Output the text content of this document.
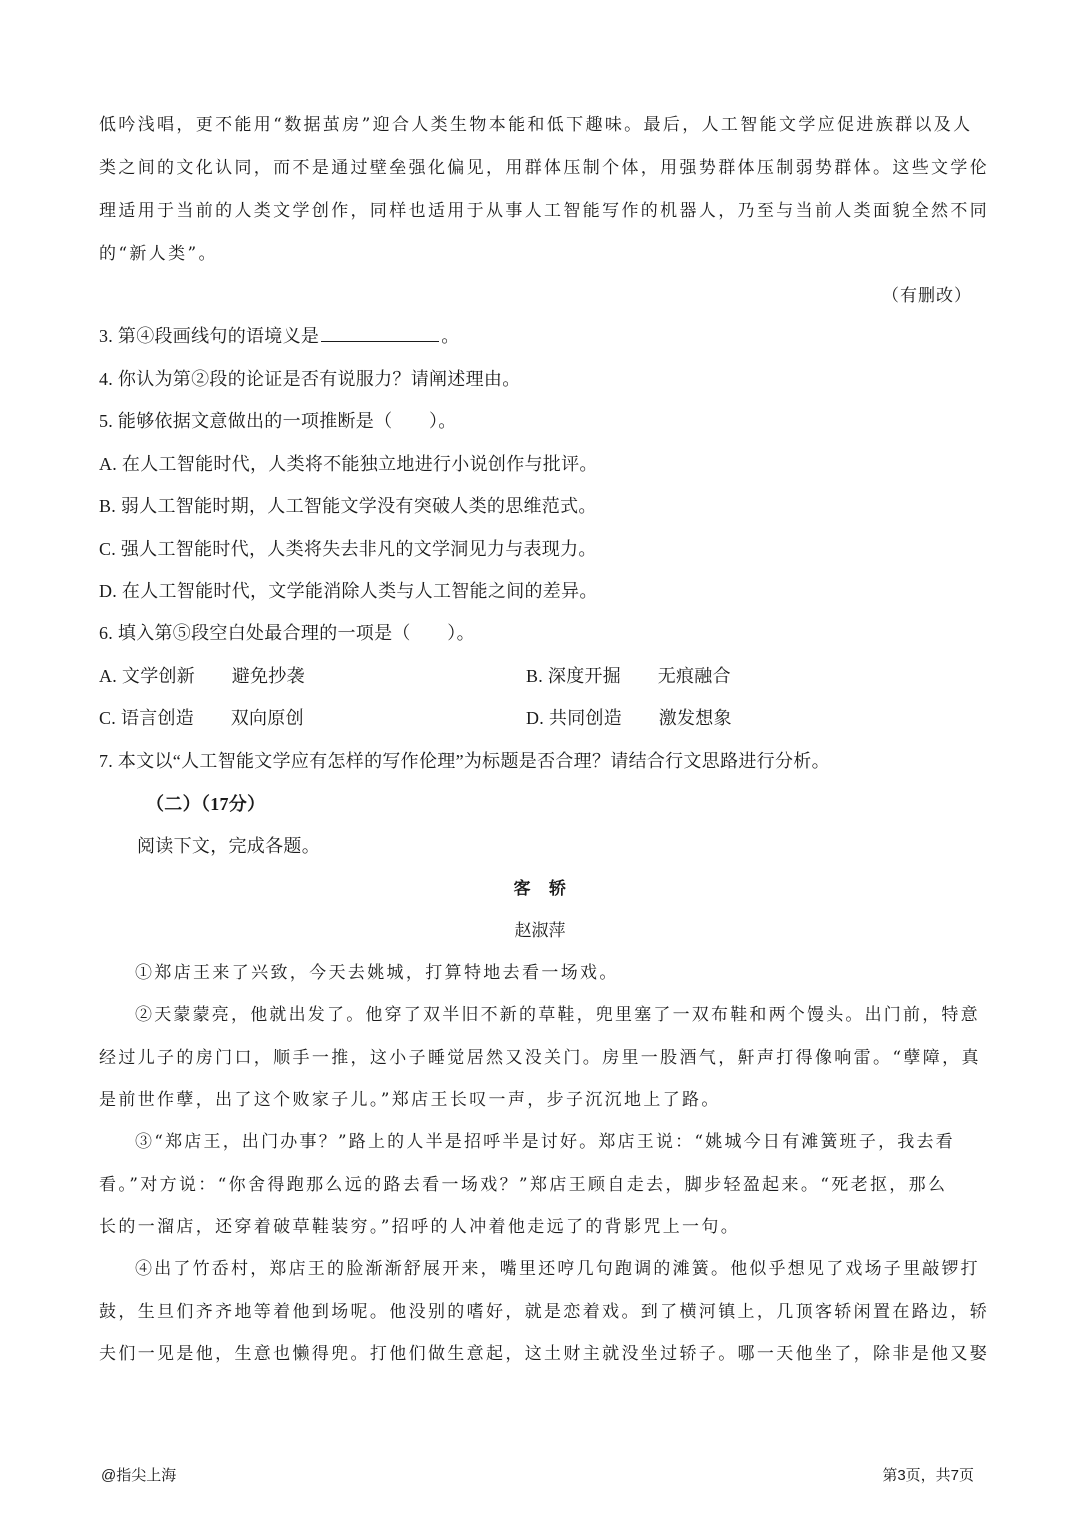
低吟浅唱，更不能用“数据茧房”迎合人类生物本能和低下趣味。最后，人工智能文学应促进族群以及人
类之间的文化认同，而不是通过壁垒强化偏见，用群体压制个体，用强势群体压制弱势群体。这些文学伦
理适用于当前的人类文学创作，同样也适用于从事人工智能写作的机器人，乃至与当前人类面貌全然不同
的“新人类”。
（有删改）
3. 第④段画线句的语境义是	。
4. 你认为第②段的论证是否有说服力？请阐述理由。
5. 能够依据文意做出的一项推断是（　　）。
A. 在人工智能时代，人类将不能独立地进行小说创作与批评。
B. 弱人工智能时期，人工智能文学没有突破人类的思维范式。
C. 强人工智能时代，人类将失去非凡的文学洞见力与表现力。
D. 在人工智能时代，文学能消除人类与人工智能之间的差异。
6. 填入第⑤段空白处最合理的一项是（　　）。
A. 文学创新　　避免抄袭	B. 深度开掘　　无痕融合
C. 语言创造　　双向原创	D. 共同创造　　激发想象
7. 本文以“人工智能文学应有怎样的写作伦理”为标题是否合理？请结合行文思路进行分析。
（二）（17分）
阅读下文，完成各题。
客　轿
赵淑萍
①郑店王来了兴致，今天去姚城，打算特地去看一场戏。
②天蒙蒙亮，他就出发了。他穿了双半旧不新的草鞋，兜里塞了一双布鞋和两个馒头。出门前，特意
经过儿子的房门口，顺手一推，这小子睡觉居然又没关门。房里一股酒气，鼾声打得像响雷。“孽障，真
是前世作孽，出了这个败家子儿。”郑店王长叹一声，步子沉沉地上了路。
③“郑店王，出门办事？”路上的人半是招呼半是讨好。郑店王说：“姚城今日有滩簧班子，我去看
看。”对方说：“你舍得跑那么远的路去看一场戏？”郑店王顾自走去，脚步轻盈起来。“死老抠，那么
长的一溜店，还穿着破草鞋装穷。”招呼的人冲着他走远了的背影咒上一句。
④出了竹岙村，郑店王的脸渐渐舒展开来，嘴里还哼几句跑调的滩簧。他似乎想见了戏场子里敲锣打
鼓，生旦们齐齐地等着他到场呢。他没别的嗜好，就是恋着戏。到了横河镇上，几顶客轿闲置在路边，轿
夫们一见是他，生意也懒得兜。打他们做生意起，这土财主就没坐过轿子。哪一天他坐了，除非是他又娶
@指尖上海	第3页，共7页
